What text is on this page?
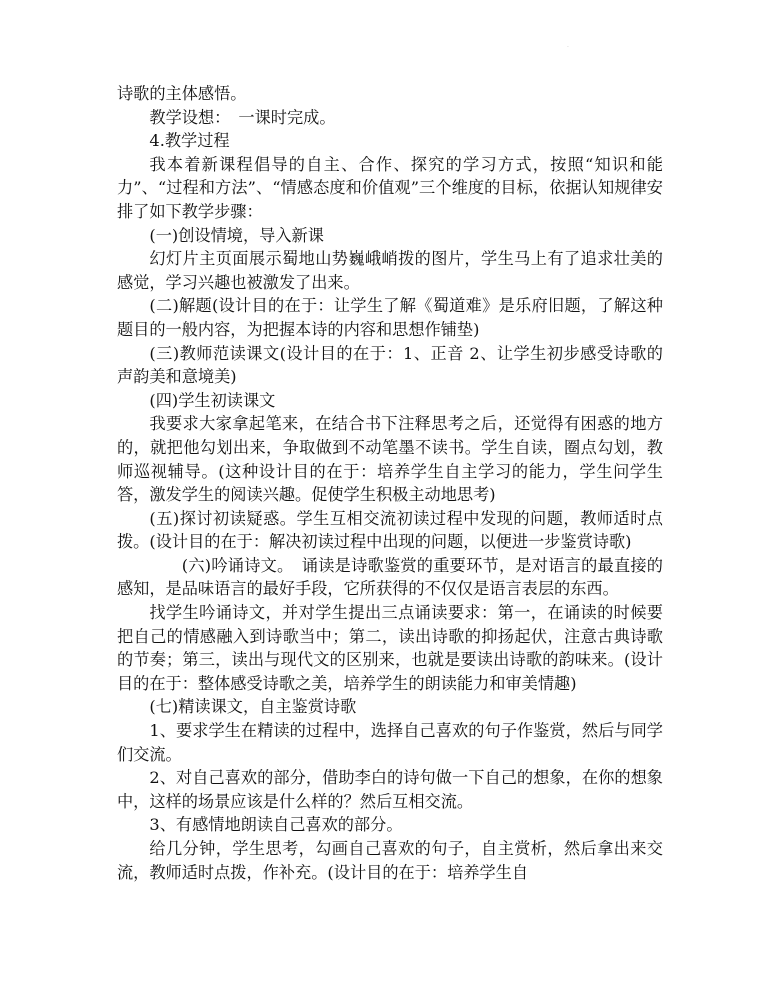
·

诗歌的主体感悟。

教学设想：　一课时完成。

4.教学过程

我本着新课程倡导的自主、合作、探究的学习方式，按照“知识和能力”、“过程和方法”、“情感态度和价值观”三个维度的目标，依据认知规律安排了如下教学步骤：

(一)创设情境，导入新课

幻灯片主页面展示蜀地山势巍峨峭拨的图片，学生马上有了追求壮美的感觉，学习兴趣也被激发了出来。

(二)解题(设计目的在于：让学生了解《蜀道难》是乐府旧题，了解这种题目的一般内容，为把握本诗的内容和思想作铺垫)

(三)教师范读课文(设计目的在于：1、正音 2、让学生初步感受诗歌的声韵美和意境美)

(四)学生初读课文

我要求大家拿起笔来，在结合书下注释思考之后，还觉得有困惑的地方的，就把他勾划出来，争取做到不动笔墨不读书。学生自读，圈点勾划，教师巡视辅导。(这种设计目的在于：培养学生自主学习的能力，学生问学生答，激发学生的阅读兴趣。促使学生积极主动地思考)

(五)探讨初读疑惑。学生互相交流初读过程中发现的问题，教师适时点拨。(设计目的在于：解决初读过程中出现的问题，以便进一步鉴赏诗歌)

(六)吟诵诗文。　诵读是诗歌鉴赏的重要环节，是对语言的最直接的感知，是品味语言的最好手段，它所获得的不仅仅是语言表层的东西。

找学生吟诵诗文，并对学生提出三点诵读要求：第一，在诵读的时候要把自己的情感融入到诗歌当中；第二，读出诗歌的抑扬起伏，注意古典诗歌的节奏；第三，读出与现代文的区别来，也就是要读出诗歌的韵味来。(设计目的在于：整体感受诗歌之美，培养学生的朗读能力和审美情趣)

(七)精读课文，自主鉴赏诗歌

1、要求学生在精读的过程中，选择自己喜欢的句子作鉴赏，然后与同学们交流。

2、对自己喜欢的部分，借助李白的诗句做一下自己的想象，在你的想象中，这样的场景应该是什么样的？然后互相交流。

3、有感情地朗读自己喜欢的部分。

给几分钟，学生思考，勾画自己喜欢的句子，自主赏析，然后拿出来交流，教师适时点拨，作补充。(设计目的在于：培养学生自
